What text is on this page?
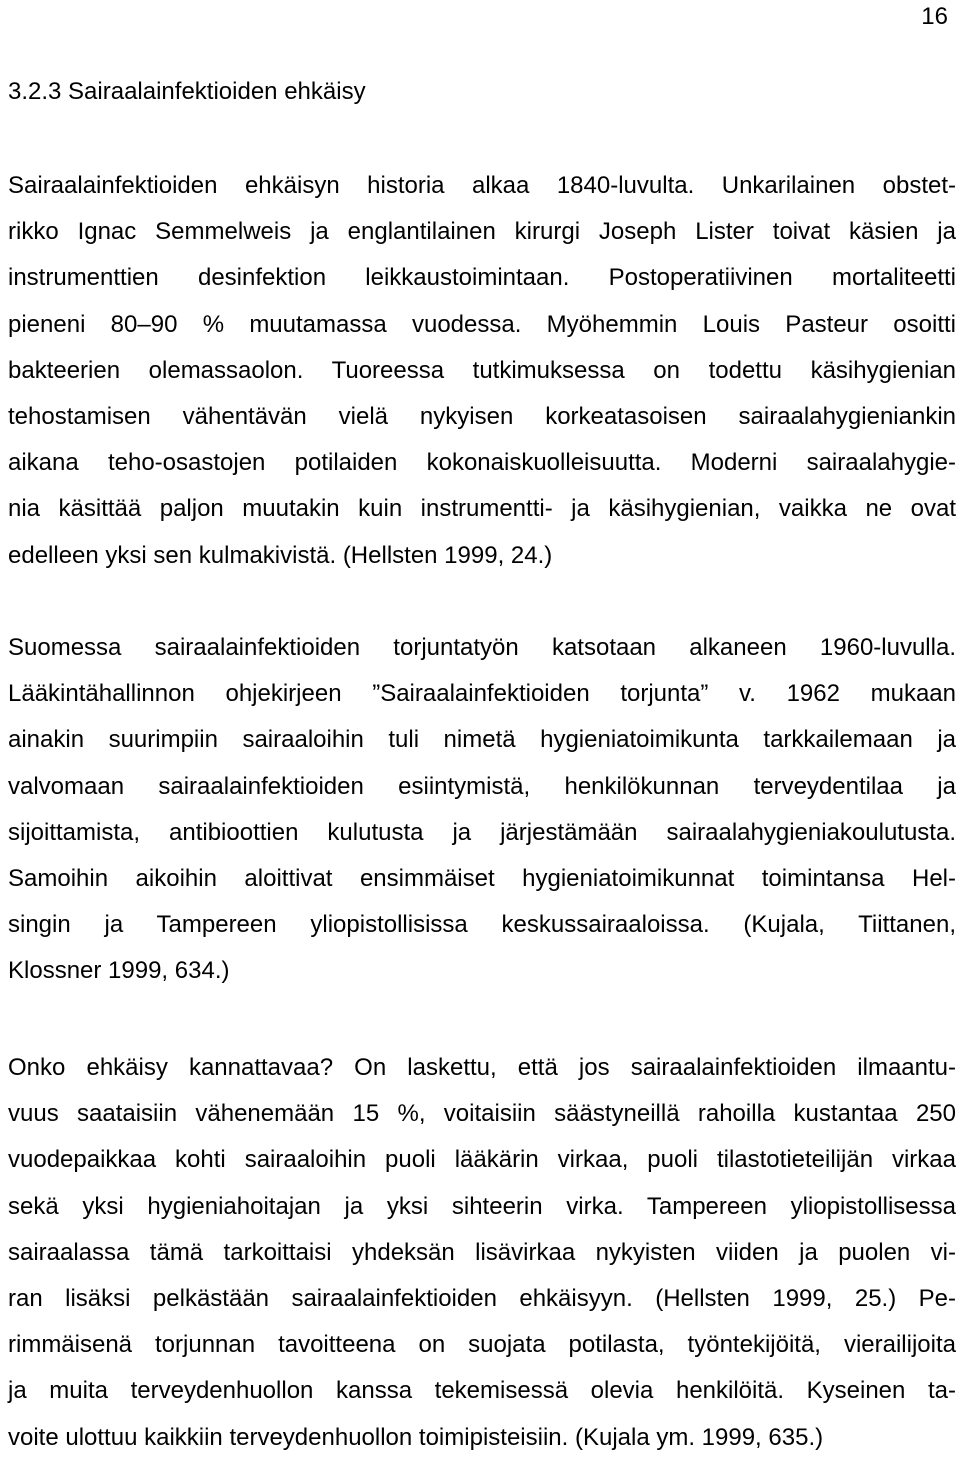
16
3.2.3 Sairaalainfektioiden ehkäisy
Sairaalainfektioiden ehkäisyn historia alkaa 1840-luvulta. Unkarilainen obstet-
rikko Ignac Semmelweis ja englantilainen kirurgi Joseph Lister toivat käsien ja
instrumenttien desinfektion leikkaustoimintaan. Postoperatiivinen mortaliteetti
pieneni 80–90 % muutamassa vuodessa. Myöhemmin Louis Pasteur osoitti
bakteerien olemassaolon. Tuoreessa tutkimuksessa on todettu käsihygienian
tehostamisen vähentävän vielä nykyisen korkeatasoisen sairaalahygieniankin
aikana teho-osastojen potilaiden kokonaiskuolleisuutta. Moderni sairaalahygie-
nia käsittää paljon muutakin kuin instrumentti- ja käsihygienian, vaikka ne ovat
edelleen yksi sen kulmakivistä. (Hellsten 1999, 24.)
Suomessa sairaalainfektioiden torjuntatyön katsotaan alkaneen 1960-luvulla.
Lääkintähallinnon ohjekirjeen ”Sairaalainfektioiden torjunta” v. 1962 mukaan
ainakin suurimpiin sairaaloihin tuli nimetä hygieniatoimikunta tarkkailemaan ja
valvomaan sairaalainfektioiden esiintymistä, henkilökunnan terveydentilaa ja
sijoittamista, antibioottien kulutusta ja järjestämään sairaalahygieniakoulutusta.
Samoihin aikoihin aloittivat ensimmäiset hygieniatoimikunnat toimintansa Hel-
singin ja Tampereen yliopistollisissa keskussairaaloissa. (Kujala, Tiittanen,
Klossner 1999, 634.)
Onko ehkäisy kannattavaa? On laskettu, että jos sairaalainfektioiden ilmaantu-
vuus saataisiin vähenemään 15 %, voitaisiin säästyneillä rahoilla kustantaa 250
vuodepaikkaa kohti sairaaloihin puoli lääkärin virkaa, puoli tilastotieteilijän virkaa
sekä yksi hygieniahoitajan ja yksi sihteerin virka. Tampereen yliopistollisessa
sairaalassa tämä tarkoittaisi yhdeksän lisävirkaa nykyisten viiden ja puolen vi-
ran lisäksi pelkästään sairaalainfektioiden ehkäisyyn. (Hellsten 1999, 25.) Pe-
rimmäisenä torjunnan tavoitteena on suojata potilasta, työntekijöitä, vierailijoita
ja muita terveydenhuollon kanssa tekemisessä olevia henkilöitä. Kyseinen ta-
voite ulottuu kaikkiin terveydenhuollon toimipisteisiin. (Kujala ym. 1999, 635.)
